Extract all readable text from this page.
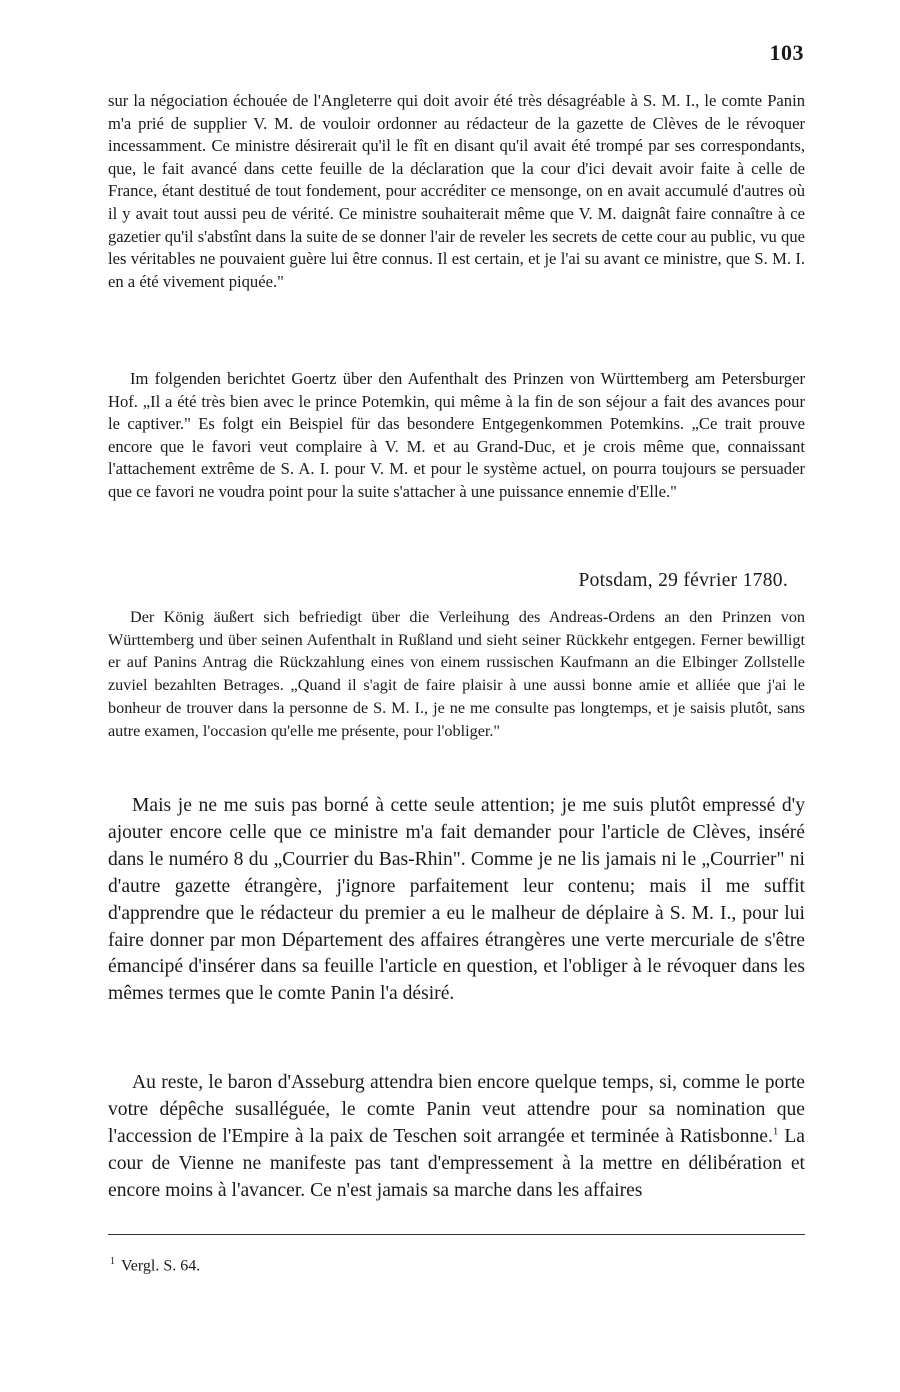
103

sur la négociation échouée de l'Angleterre qui doit avoir été très désagréable à S. M. I., le comte Panin m'a prié de supplier V. M. de vouloir ordonner au rédacteur de la gazette de Clèves de le révoquer incessamment. Ce ministre désirerait qu'il le fît en disant qu'il avait été trompé par ses correspondants, que, le fait avancé dans cette feuille de la déclaration que la cour d'ici devait avoir faite à celle de France, étant destitué de tout fondement, pour accréditer ce mensonge, on en avait accumulé d'autres où il y avait tout aussi peu de vérité. Ce ministre souhaiterait même que V. M. daignât faire connaître à ce gazetier qu'il s'abstînt dans la suite de se donner l'air de reveler les secrets de cette cour au public, vu que les véritables ne pouvaient guère lui être connus. Il est certain, et je l'ai su avant ce ministre, que S. M. I. en a été vivement piquée."

Im folgenden berichtet Goertz über den Aufenthalt des Prinzen von Württemberg am Petersburger Hof. „Il a été très bien avec le prince Potemkin, qui même à la fin de son séjour a fait des avances pour le captiver." Es folgt ein Beispiel für das besondere Entgegenkommen Potemkins. „Ce trait prouve encore que le favori veut complaire à V. M. et au Grand-Duc, et je crois même que, connaissant l'attachement extrême de S. A. I. pour V. M. et pour le système actuel, on pourra toujours se persuader que ce favori ne voudra point pour la suite s'attacher à une puissance ennemie d'Elle."

Potsdam, 29 février 1780.

Der König äußert sich befriedigt über die Verleihung des Andreas-Ordens an den Prinzen von Württemberg und über seinen Aufenthalt in Rußland und sieht seiner Rückkehr entgegen. Ferner bewilligt er auf Panins Antrag die Rückzahlung eines von einem russischen Kaufmann an die Elbinger Zollstelle zuviel bezahlten Betrages. „Quand il s'agit de faire plaisir à une aussi bonne amie et alliée que j'ai le bonheur de trouver dans la personne de S. M. I., je ne me consulte pas longtemps, et je saisis plutôt, sans autre examen, l'occasion qu'elle me présente, pour l'obliger."

Mais je ne me suis pas borné à cette seule attention; je me suis plutôt empressé d'y ajouter encore celle que ce ministre m'a fait demander pour l'article de Clèves, inséré dans le numéro 8 du „Courrier du Bas-Rhin". Comme je ne lis jamais ni le „Courrier" ni d'autre gazette étrangère, j'ignore parfaitement leur contenu; mais il me suffit d'apprendre que le rédacteur du premier a eu le malheur de déplaire à S. M. I., pour lui faire donner par mon Département des affaires étrangères une verte mercuriale de s'être émancipé d'insérer dans sa feuille l'article en question, et l'obliger à le révoquer dans les mêmes termes que le comte Panin l'a désiré.

Au reste, le baron d'Asseburg attendra bien encore quelque temps, si, comme le porte votre dépêche susalléguée, le comte Panin veut attendre pour sa nomination que l'accession de l'Empire à la paix de Teschen soit arrangée et terminée à Ratisbonne.$^1$ La cour de Vienne ne manifeste pas tant d'empressement à la mettre en délibération et encore moins à l'avancer. Ce n'est jamais sa marche dans les affaires

$^1$ Vergl. S. 64.
